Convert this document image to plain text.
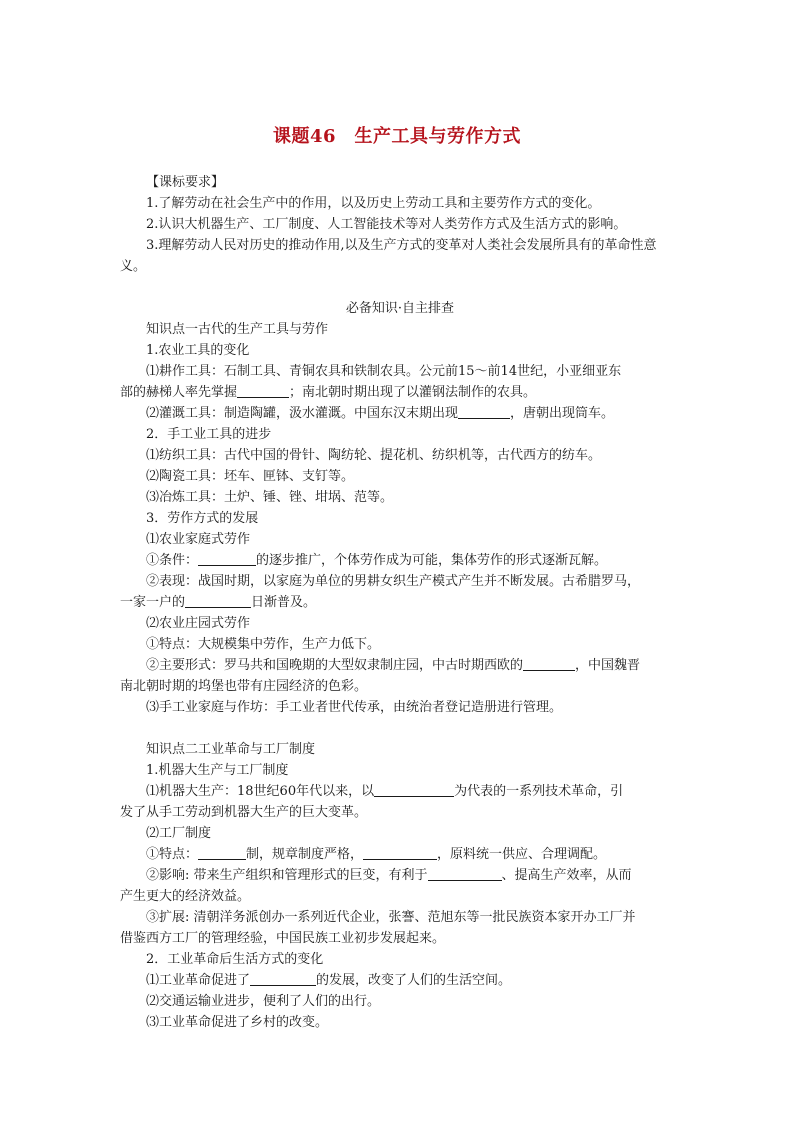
课题46　生产工具与劳作方式
【课标要求】
1.了解劳动在社会生产中的作用，以及历史上劳动工具和主要劳作方式的变化。
2.认识大机器生产、工厂制度、人工智能技术等对人类劳作方式及生活方式的影响。
3.理解劳动人民对历史的推动作用,以及生产方式的变革对人类社会发展所具有的革命性意义。
必备知识·自主排查
知识点一古代的生产工具与劳作
1.农业工具的变化
⑴耕作工具：石制工具、青铜农具和铁制农具。公元前15～前14世纪，小亚细亚东
部的赫梯人率先掌握	；南北朝时期出现了以灌钢法制作的农具。
⑵灌溉工具：制造陶罐，汲水灌溉。中国东汉末期出现	，唐朝出现筒车。
2．手工业工具的进步
⑴纺织工具：古代中国的骨针、陶纺轮、提花机、纺织机等，古代西方的纺车。
⑵陶瓷工具：坯车、匣钵、支钉等。
⑶冶炼工具：土炉、锤、锉、坩埚、范等。
3．劳作方式的发展
⑴农业家庭式劳作
①条件：	的逐步推广，个体劳作成为可能，集体劳作的形式逐渐瓦解。
②表现：战国时期，以家庭为单位的男耕女织生产模式产生并不断发展。古希腊罗马，
一家一户的	日渐普及。
⑵农业庄园式劳作
①特点：大规模集中劳作，生产力低下。
②主要形式：罗马共和国晚期的大型奴隶制庄园，中古时期西欧的	，中国魏晋
南北朝时期的坞堡也带有庄园经济的色彩。
⑶手工业家庭与作坊：手工业者世代传承，由统治者登记造册进行管理。
知识点二工业革命与工厂制度
1.机器大生产与工厂制度
⑴机器大生产：18世纪60年代以来，以	为代表的一系列技术革命，引
发了从手工劳动到机器大生产的巨大变革。
⑵工厂制度
①特点：	制，规章制度严格，	，原料统一供应、合理调配。
②影响: 带来生产组织和管理形式的巨变，有利于	、提高生产效率，从而
产生更大的经济效益。
③扩展: 清朝洋务派创办一系列近代企业，张謇、范旭东等一批民族资本家开办工厂并
借鉴西方工厂的管理经验，中国民族工业初步发展起来。
2．工业革命后生活方式的变化
⑴工业革命促进了	的发展，改变了人们的生活空间。
⑵交通运输业进步，便利了人们的出行。
⑶工业革命促进了乡村的改变。
